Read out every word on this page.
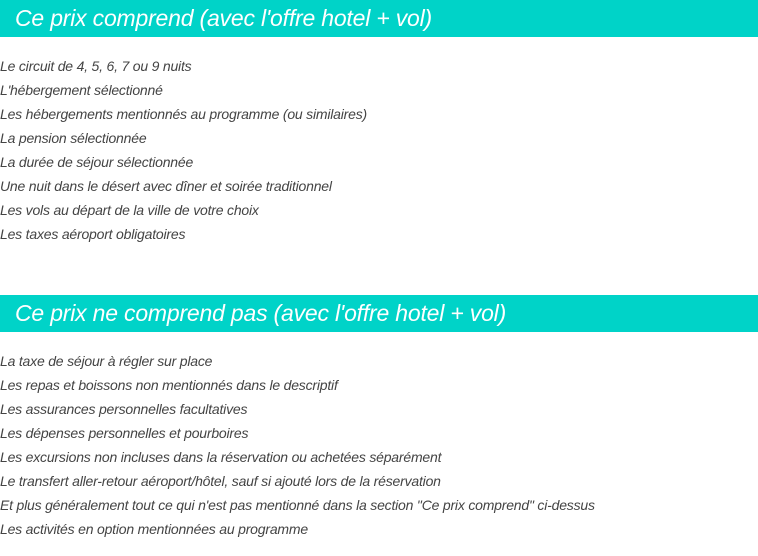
Ce prix comprend (avec l'offre hotel + vol)
Le circuit de 4, 5, 6, 7 ou 9 nuits
L'hébergement sélectionné
Les hébergements mentionnés au programme (ou similaires)
La pension sélectionnée
La durée de séjour sélectionnée
Une nuit dans le désert avec dîner et soirée traditionnel
Les vols au départ de la ville de votre choix
Les taxes aéroport obligatoires
Ce prix ne comprend pas (avec l'offre hotel + vol)
La taxe de séjour à régler sur place
Les repas et boissons non mentionnés dans le descriptif
Les assurances personnelles facultatives
Les dépenses personnelles et pourboires
Les excursions non incluses dans la réservation ou achetées séparément
Le transfert aller-retour aéroport/hôtel, sauf si ajouté lors de la réservation
Et plus généralement tout ce qui n'est pas mentionné dans la section "Ce prix comprend" ci-dessus
Les activités en option mentionnées au programme
